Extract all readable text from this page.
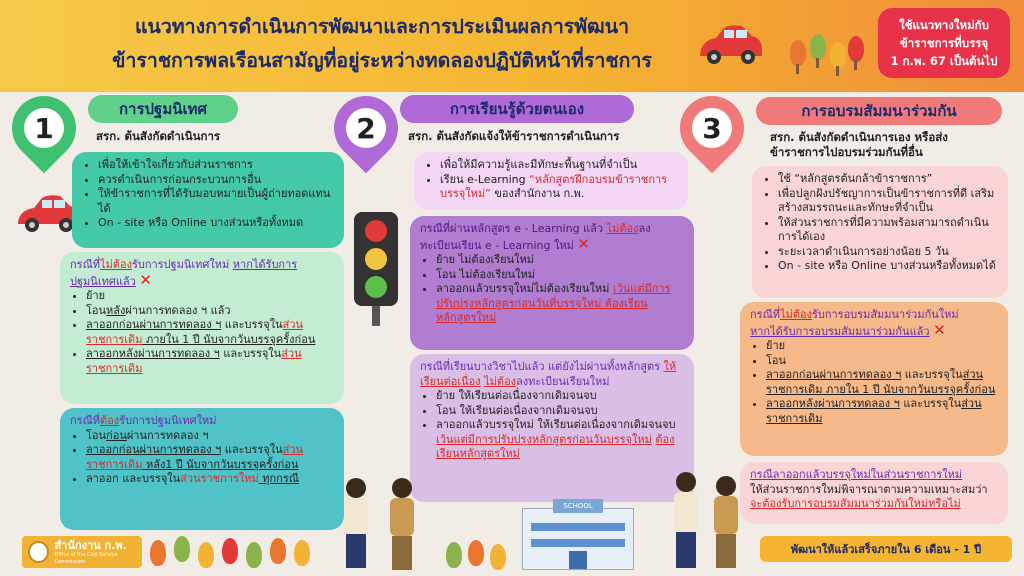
แนวทางการดำเนินการพัฒนาและการประเมินผลการพัฒนา
ข้าราชการพลเรือนสามัญที่อยู่ระหว่างทดลองปฏิบัติหน้าที่ราชการ
ใช้แนวทางใหม่กับ
ข้าราชการที่บรรจุ
1 ก.พ. 67 เป็นต้นไป
1
การปฐมนิเทศ
สรก. ต้นสังกัดดำเนินการ
• เพื่อให้เข้าใจเกี่ยวกับส่วนราชการ
• ควรดำเนินการก่อนกระบวนการอื่น
• ให้ข้าราชการที่ได้รับมอบหมายเป็นผู้ถ่ายทอดแทนได้
• On - site หรือ Online บางส่วนหรือทั้งหมด
กรณีที่ไม่ต้องรับการปฐมนิเทศใหม่ หากได้รับการปฐมนิเทศแล้ว ✕
• ย้าย
• โอนหลังผ่านการทดลอง ฯ แล้ว
• ลาออกก่อนผ่านการทดลอง ฯ และบรรจุในส่วนราชการเดิม ภายใน 1 ปี นับจากวันบรรจุครั้งก่อน
• ลาออกหลังผ่านการทดลอง ฯ และบรรจุในส่วนราชการเดิม
กรณีที่ต้องรับการปฐมนิเทศใหม่
• โอนก่อนผ่านการทดลอง ฯ
• ลาออกก่อนผ่านการทดลอง ฯ และบรรจุในส่วนราชการเดิม หลัง1 ปี นับจากวันบรรจุครั้งก่อน
• ลาออก และบรรจุในส่วนราชการใหม่ ทุกกรณี
2
การเรียนรู้ด้วยตนเอง
สรก. ต้นสังกัดแจ้งให้ข้าราชการดำเนินการ
• เพื่อให้มีความรู้และมีทักษะพื้นฐานที่จำเป็น
• เรียน e-Learning “หลักสูตรฝึกอบรมข้าราชการบรรจุใหม่” ของสำนักงาน ก.พ.
กรณีที่ผ่านหลักสูตร e - Learning แล้ว ไม่ต้องลงทะเบียนเรียน e - Learning ใหม่ ✕
• ย้าย ไม่ต้องเรียนใหม่
• โอน ไม่ต้องเรียนใหม่
• ลาออกแล้วบรรจุใหม่ไม่ต้องเรียนใหม่ เว้นแต่มีการปรับปรุงหลักสูตรก่อนวันที่บรรจุใหม่ ต้องเรียนหลักสูตรใหม่
กรณีที่เรียนบางวิชาไปแล้ว แต่ยังไม่ผ่านทั้งหลักสูตร ให้เรียนต่อเนื่อง ไม่ต้องลงทะเบียนเรียนใหม่
• ย้าย ให้เรียนต่อเนื่องจากเดิมจนจบ
• โอน ให้เรียนต่อเนื่องจากเดิมจนจบ
• ลาออกแล้วบรรจุใหม่ ให้เรียนต่อเนื่องจากเดิมจนจบ เว้นแต่มีการปรับปรุงหลักสูตรก่อนวันบรรจุใหม่ ต้องเรียนหลักสูตรใหม่
SCHOOL
3
การอบรมสัมมนาร่วมกัน
สรก. ต้นสังกัดดำเนินการเอง หรือส่ง
ข้าราชการไปอบรมร่วมกันที่อื่น
• ใช้ “หลักสูตรต้นกล้าข้าราชการ”
• เพื่อปลูกฝังปรัชญาการเป็นข้าราชการที่ดี เสริมสร้างสมรรถนะและทักษะที่จำเป็น
• ให้ส่วนราชการที่มีความพร้อมสามารถดำเนินการได้เอง
• ระยะเวลาดำเนินการอย่างน้อย 5 วัน
• On - site หรือ Online บางส่วนหรือทั้งหมดได้
กรณีที่ไม่ต้องรับการอบรมสัมมนาร่วมกันใหม่ หากได้รับการอบรมสัมมนาร่วมกันแล้ว ✕
• ย้าย
• โอน
• ลาออกก่อนผ่านการทดลอง ฯ และบรรจุในส่วนราชการเดิม ภายใน 1 ปี นับจากวันบรรจุครั้งก่อน
• ลาออกหลังผ่านการทดลอง ฯ และบรรจุในส่วนราชการเดิม
กรณีลาออกแล้วบรรจุใหม่ในส่วนราชการใหม่
ให้ส่วนราชการใหม่พิจารณาตามความเหมาะสมว่าจะต้องรับการอบรมสัมมนาร่วมกันใหม่หรือไม่
พัฒนาให้แล้วเสร็จภายใน 6 เดือน - 1 ปี
สำนักงาน ก.พ.
Office of the Civil Service Commission
